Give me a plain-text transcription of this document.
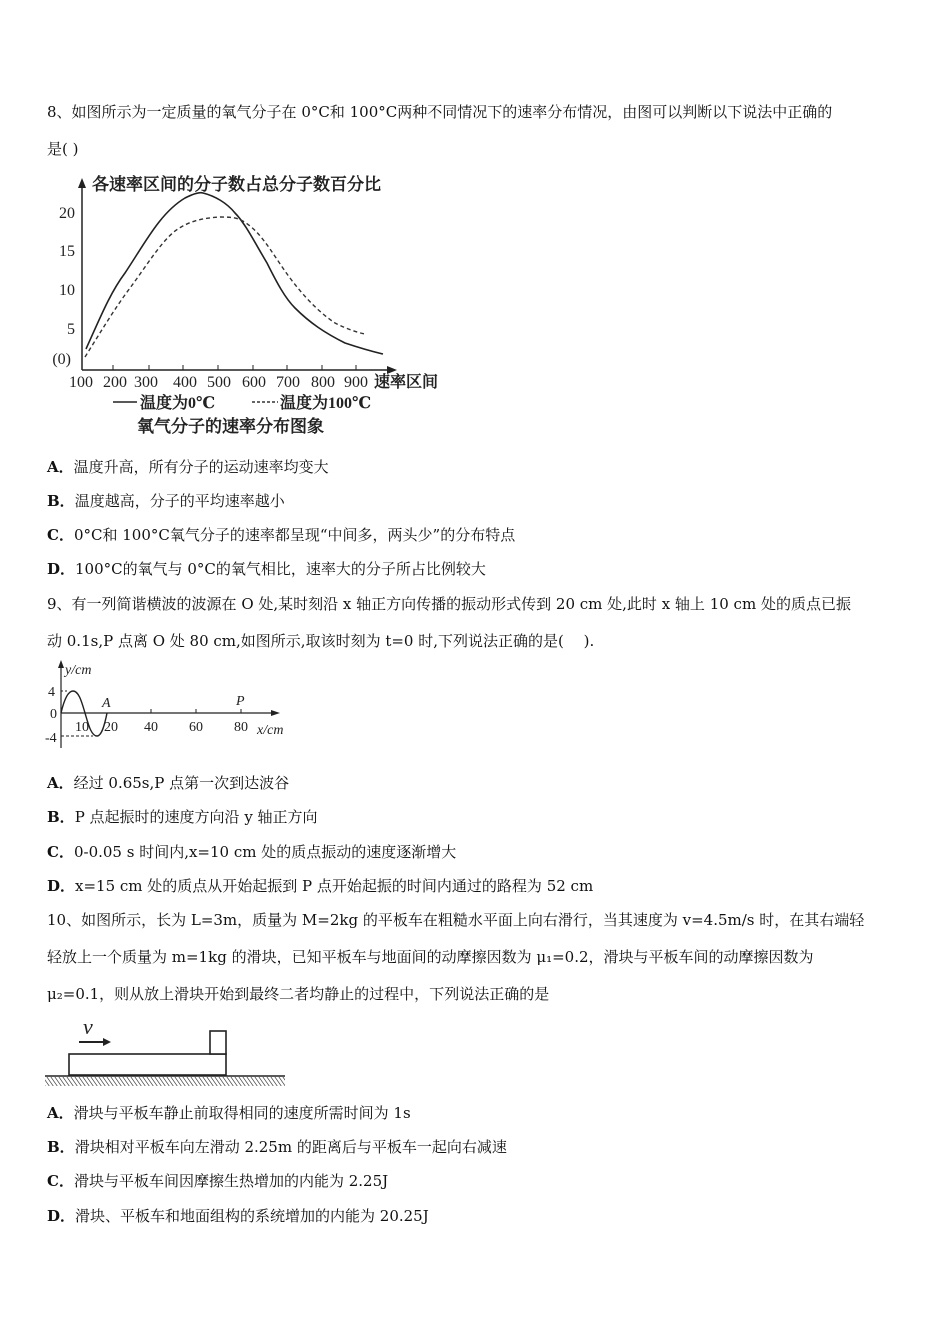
8、如图所示为一定质量的氧气分子在 0°C和 100°C两种不同情况下的速率分布情况，由图可以判断以下说法中正确的
是( )
各速率区间的分子数占总分子数百分比
20
15
10
5
(0)
100 200 300 400 500 600 700 800 900 速率区间
温度为0℃	温度为100℃
氧气分子的速率分布图象
A．温度升高，所有分子的运动速率均变大
B．温度越高，分子的平均速率越小
C．0°C和 100°C氧气分子的速率都呈现“中间多，两头少”的分布特点
D．100°C的氧气与 0°C的氧气相比，速率大的分子所占比例较大
9、有一列简谐横波的波源在 O 处,某时刻沿 x 轴正方向传播的振动形式传到 20 cm 处,此时 x 轴上 10 cm 处的质点已振
动 0.1s,P 点离 O 处 80 cm,如图所示,取该时刻为 t=0 时,下列说法正确的是(　 ).
y/cm
4
0
-4
A	P
10 20 40 60 80 x/cm
A．经过 0.65s,P 点第一次到达波谷
B．P 点起振时的速度方向沿 y 轴正方向
C．0-0.05 s 时间内,x=10 cm 处的质点振动的速度逐渐增大
D．x=15 cm 处的质点从开始起振到 P 点开始起振的时间内通过的路程为 52 cm
10、如图所示，长为 L=3m，质量为 M=2kg 的平板车在粗糙水平面上向右滑行，当其速度为 v=4.5m/s 时，在其右端轻
轻放上一个质量为 m=1kg 的滑块，已知平板车与地面间的动摩擦因数为 μ₁=0.2，滑块与平板车间的动摩擦因数为
μ₂=0.1，则从放上滑块开始到最终二者均静止的过程中，下列说法正确的是
v
A．滑块与平板车静止前取得相同的速度所需时间为 1s
B．滑块相对平板车向左滑动 2.25m 的距离后与平板车一起向右减速
C．滑块与平板车间因摩擦生热增加的内能为 2.25J
D．滑块、平板车和地面组构的系统增加的内能为 20.25J
